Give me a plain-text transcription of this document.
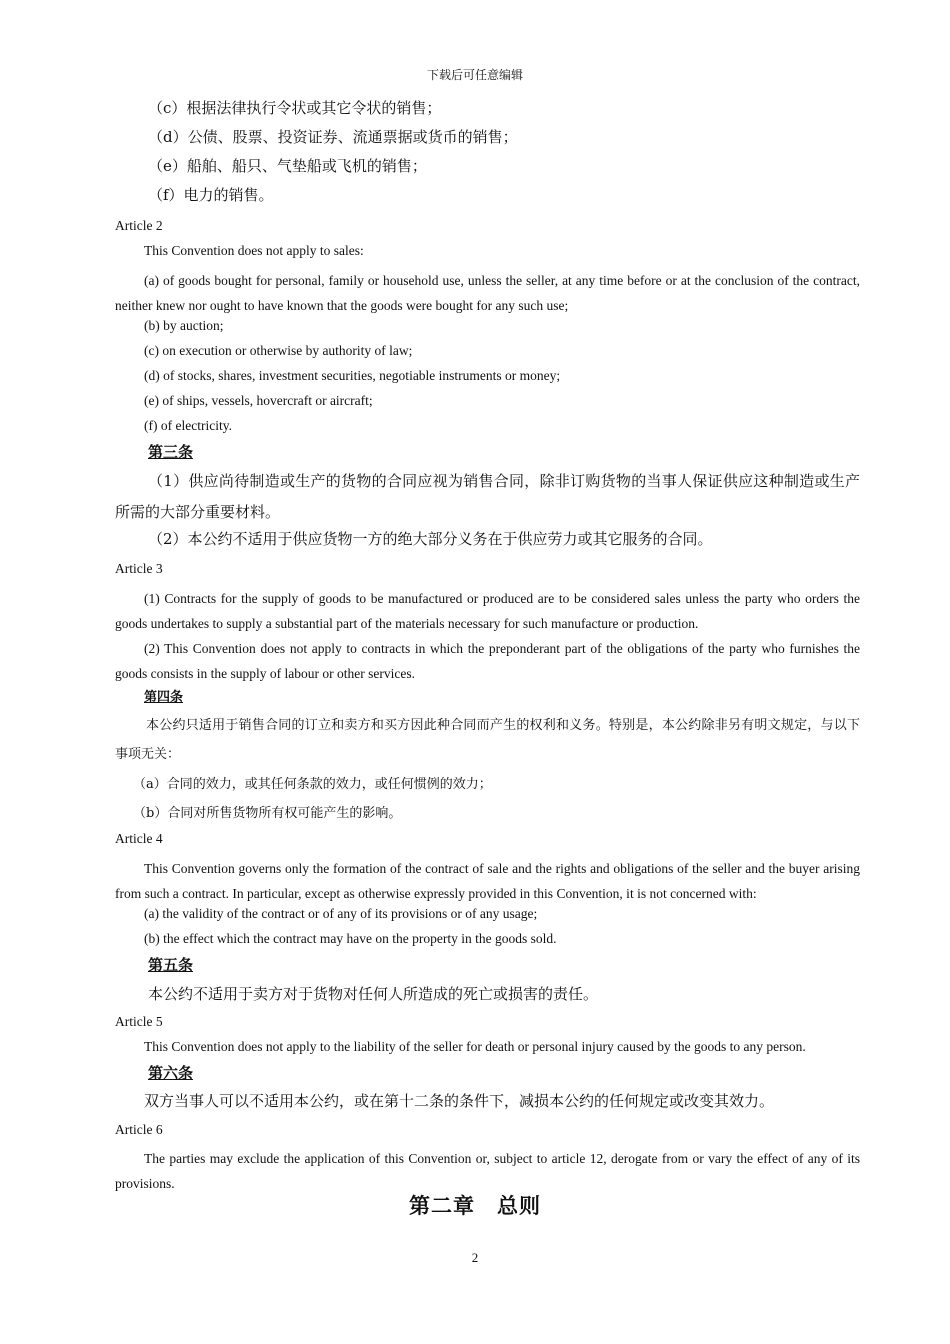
下载后可任意编辑
（c）根据法律执行令状或其它令状的销售；
（d）公债、股票、投资证券、流通票据或货币的销售；
（e）船舶、船只、气垫船或飞机的销售；
（f）电力的销售。
Article 2
This Convention does not apply to sales:
(a) of goods bought for personal, family or household use, unless the seller, at any time before or at the conclusion of the contract, neither knew nor ought to have known that the goods were bought for any such use;
(b) by auction;
(c) on execution or otherwise by authority of law;
(d) of stocks, shares, investment securities, negotiable instruments or money;
(e) of ships, vessels, hovercraft or aircraft;
(f) of electricity.
第三条
（1）供应尚待制造或生产的货物的合同应视为销售合同，除非订购货物的当事人保证供应这种制造或生产所需的大部分重要材料。
（2）本公约不适用于供应货物一方的绝大部分义务在于供应劳力或其它服务的合同。
Article 3
(1) Contracts for the supply of goods to be manufactured or produced are to be considered sales unless the party who orders the goods undertakes to supply a substantial part of the materials necessary for such manufacture or production.
(2) This Convention does not apply to contracts in which the preponderant part of the obligations of the party who furnishes the goods consists in the supply of labour or other services.
第四条
本公约只适用于销售合同的订立和卖方和买方因此种合同而产生的权利和义务。特别是，本公约除非另有明文规定，与以下事项无关：
（a）合同的效力，或其任何条款的效力，或任何惯例的效力；
（b）合同对所售货物所有权可能产生的影响。
Article 4
This Convention governs only the formation of the contract of sale and the rights and obligations of the seller and the buyer arising from such a contract. In particular, except as otherwise expressly provided in this Convention, it is not concerned with:
(a) the validity of the contract or of any of its provisions or of any usage;
(b) the effect which the contract may have on the property in the goods sold.
第五条
本公约不适用于卖方对于货物对任何人所造成的死亡或损害的责任。
Article 5
This Convention does not apply to the liability of the seller for death or personal injury caused by the goods to any person.
第六条
双方当事人可以不适用本公约，或在第十二条的条件下，减损本公约的任何规定或改变其效力。
Article 6
The parties may exclude the application of this Convention or, subject to article 12, derogate from or vary the effect of any of its provisions.
第二章　总则
2
